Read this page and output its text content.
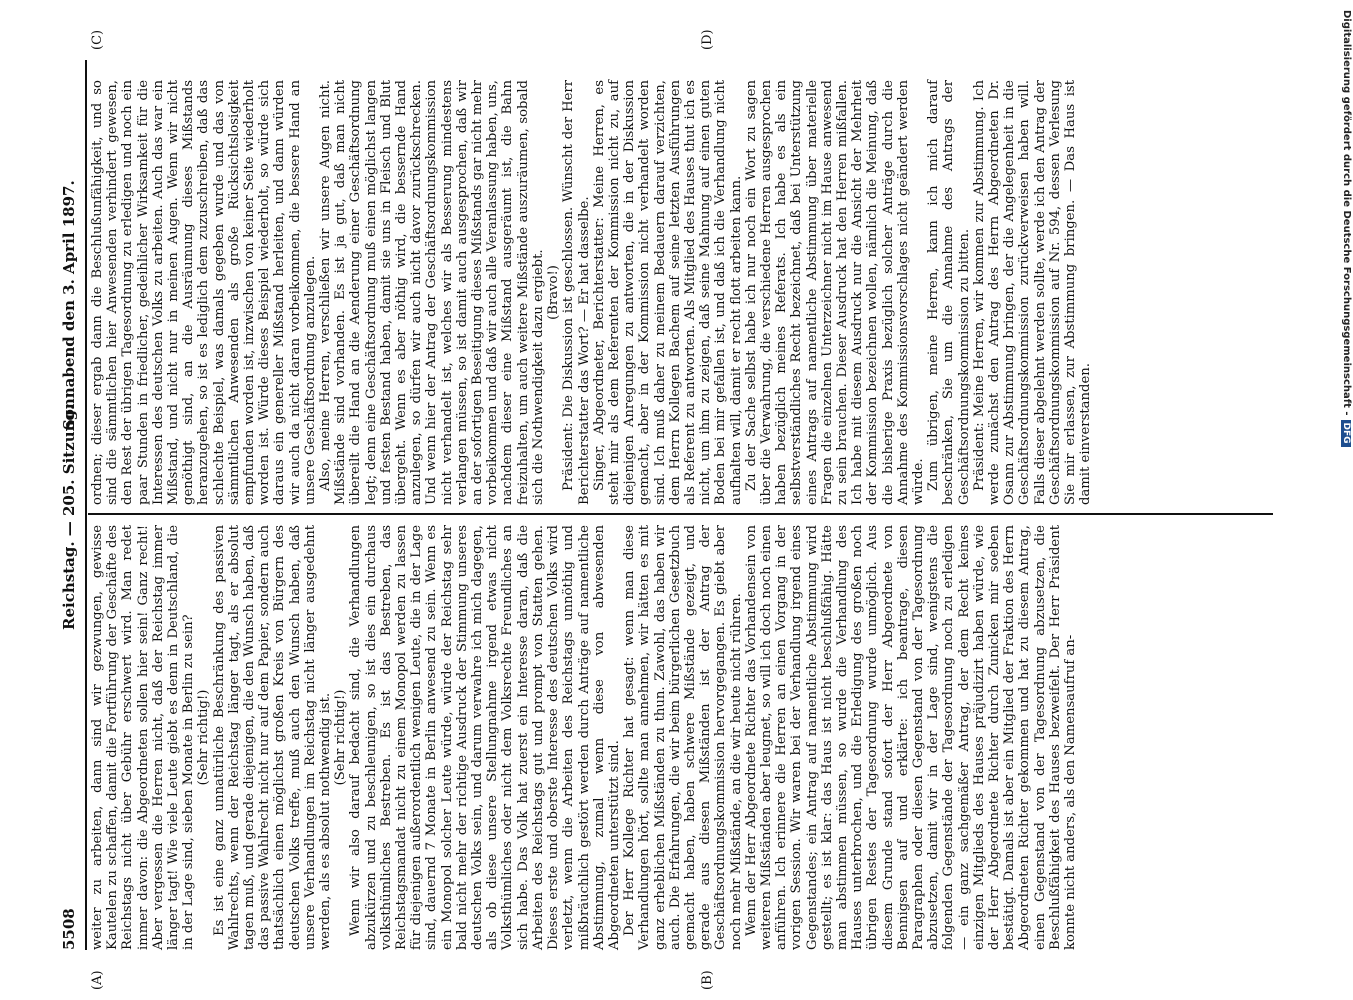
5508
Reichstag. — 205. Sitzung.
Sonnabend den 3. April 1897.

weiter zu arbeiten, dann sind wir gezwungen, gewisse Kautelen zu schaffen, damit die Fortführung der Geschäfte des Reichstags nicht über Gebühr erschwert wird. Man redet immer davon: die Abgeordneten sollen hier sein! Ganz recht! Aber vergessen die Herren nicht, daß der Reichstag immer länger tagt! Wie viele Leute giebt es denn in Deutschland, die in der Lage sind, sieben Monate in Berlin zu sein? (Sehr richtig!) Es ist eine ganz unnatürliche Beschränkung des passiven Wahlrechts, wenn der Reichstag länger tagt, als er absolut tagen muß, und gerade diejenigen, die den Wunsch haben, daß das passive Wahlrecht nicht nur auf dem Papier, sondern auch thatsächlich einen möglichst großen Kreis von Bürgern des deutschen Volks treffe, muß auch den Wunsch haben, daß unsere Verhandlungen im Reichstag nicht länger ausgedehnt werden, als es absolut nothwendig ist. (Sehr richtig!) Wenn wir also darauf bedacht sind, die Verhandlungen abzukürzen und zu beschleunigen, so ist dies ein durchaus volksthümliches Bestreben. Es ist das Bestreben, das Reichstagsmandat nicht zu einem Monopol werden zu lassen für diejenigen außerordentlich wenigen Leute, die in der Lage sind, dauernd 7 Monate in Berlin anwesend zu sein. Wenn es ein Monopol solcher Leute würde, würde der Reichstag sehr bald nicht mehr der richtige Ausdruck der Stimmung unseres deutschen Volks sein, und darum verwahre ich mich dagegen, als ob diese unsere Stellungnahme irgend etwas nicht Volksthümliches oder nicht dem Volksrechte Freundliches an sich habe. Das Volk hat zuerst ein Interesse daran, daß die Arbeiten des Reichstags gut und prompt von Statten gehen. Dieses erste und oberste Interesse des deutschen Volks wird verletzt, wenn die Arbeiten des Reichstags unnöthig und mißbräuchlich gestört werden durch Anträge auf namentliche Abstimmung, zumal wenn diese von abwesenden Abgeordneten unterstützt sind. Der Herr Kollege Richter hat gesagt: wenn man diese Verhandlungen hört, sollte man annehmen, wir hätten es mit ganz erheblichen Mißständen zu thun. Zawohl, das haben wir auch. Die Erfahrungen, die wir beim bürgerlichen Gesetzbuch gemacht haben, haben schwere Mißstände gezeigt, und gerade aus diesen Mißständen ist der Antrag der Geschäftsordnungskommission hervorgegangen. Es giebt aber noch mehr Mißstände, an die wir heute nicht rühren. Wenn der Herr Abgeordnete Richter das Vorhandensein von weiteren Mißständen aber leugnet, so will ich doch noch einen anführen. Ich erinnere die Herren an einen Vorgang in der vorigen Session. Wir waren bei der Verhandlung irgend eines Gegenstandes; ein Antrag auf namentliche Abstimmung wird gestellt; es ist klar: das Haus ist nicht beschlußfähig. Hätte man abstimmen müssen, so wurde die Verhandlung des Hauses unterbrochen, und die Erledigung des großen noch übrigen Restes der Tagesordnung wurde unmöglich. Aus diesem Grunde stand sofort der Herr Abgeordnete von Bennigsen auf und erklärte: ich beantrage, diesen Paragraphen oder diesen Gegenstand von der Tagesordnung abzusetzen, damit wir in der Lage sind, wenigstens die folgenden Gegenstände der Tagesordnung noch zu erledigen — ein ganz sachgemäßer Antrag, der dem Recht keines einzigen Mitglieds des Hauses präjudizirt haben würde, wie der Herr Abgeordnete Richter durch Zunicken mir soeben bestätigt. Damals ist aber ein Mitglied der Fraktion des Herrn Abgeordneten Richter gekommen und hat zu diesem Antrag, einen Gegenstand von der Tagesordnung abzusetzen, die Beschlußfähigkeit des Hauses bezweifelt. Der Herr Präsident konnte nicht anders, als den Namensaufruf an-

ordnen; dieser ergab dann die Beschlußunfähigkeit, und so sind die sämmtlichen hier Anwesenden verhindert gewesen, den Rest der übrigen Tagesordnung zu erledigen und noch ein paar Stunden in friedlicher, gedeihlicher Wirksamkeit für die Interessen des deutschen Volks zu arbeiten. Auch das war ein Mißstand, und nicht nur in meinen Augen. Wenn wir nicht genöthigt sind, an die Ausräumung dieses Mißstands heranzugehen, so ist es lediglich dem zuzuschreiben, daß das schlechte Beispiel, was damals gegeben wurde und das von sämmtlichen Anwesenden als große Rücksichtslosigkeit empfunden worden ist, inzwischen von keiner Seite wiederholt worden ist. Würde dieses Beispiel wiederholt, so würde sich daraus ein genereller Mißstand herleiten, und dann würden wir auch da nicht daran vorbeikommen, die bessere Hand an unsere Geschäftsordnung anzulegen. Also, meine Herren, verschließen wir unsere Augen nicht. Mißstände sind vorhanden. Es ist ja gut, daß man nicht übereilt die Hand an die Aenderung einer Geschäftsordnung legt; denn eine Geschäftsordnung muß einen möglichst langen und festen Bestand haben, damit sie uns in Fleisch und Blut übergeht. Wenn es aber nöthig wird, die bessernde Hand anzulegen, so dürfen wir auch nicht davor zurückschrecken. Und wenn hier der Antrag der Geschäftsordnungskommission nicht verhandelt ist, welches wir als Besserung mindestens verlangen müssen, so ist damit auch ausgesprochen, daß wir an der sofortigen Beseitigung dieses Mißstands gar nicht mehr vorbeikommen und daß wir auch alle Veranlassung haben, uns, nachdem dieser eine Mißstand ausgeräumt ist, die Bahn freizuhalten, um auch weitere Mißstände auszuräumen, sobald sich die Nothwendigkeit dazu ergiebt. (Bravo!) Präsident: Die Diskussion ist geschlossen. Wünscht der Herr Berichterstatter das Wort? — Er hat dasselbe. Singer, Abgeordneter, Berichterstatter: Meine Herren, es steht mir als dem Referenten der Kommission nicht zu, auf diejenigen Anregungen zu antworten, die in der Diskussion gemacht, aber in der Kommission nicht verhandelt worden sind. Ich muß daher zu meinem Bedauern darauf verzichten, dem Herrn Kollegen Bachem auf seine letzten Ausführungen als Referent zu antworten. Als Mitglied des Hauses thut ich es nicht, um ihm zu zeigen, daß seine Mahnung auf einen guten Boden bei mir gefallen ist, und daß ich die Verhandlung nicht aufhalten will, damit er recht flott arbeiten kann. Zu der Sache selbst habe ich nur noch ein Wort zu sagen über die Verwahrung, die verschiedene Herren ausgesprochen haben bezüglich meines Referats. Ich habe es als ein selbstverständliches Recht bezeichnet, daß bei Unterstützung eines Antrags auf namentliche Abstimmung über materielle Fragen die einzelnen Unterzeichner nicht im Hause anwesend zu sein brauchen. Dieser Ausdruck hat den Herren mißfallen. Ich habe mit diesem Ausdruck nur die Ansicht der Mehrheit der Kommission bezeichnen wollen, nämlich die Meinung, daß die bisherige Praxis bezüglich solcher Anträge durch die Annahme des Kommissionsvorschlages nicht geändert werden würde. Zum übrigen, meine Herren, kann ich mich darauf beschränken, Sie um die Annahme des Antrags der Geschäftsordnungskommission zu bitten. Präsident: Meine Herren, wir kommen zur Abstimmung. Ich werde zunächst den Antrag des Herrn Abgeordneten Dr. Osann zur Abstimmung bringen, der die Angelegenheit in die Geschäftsordnungskommission zurückverweisen haben will. Falls dieser abgelehnt werden sollte, werde ich den Antrag der Geschäftsordnungskommission auf Nr. 594, dessen Verlesung Sie mir erlassen, zur Abstimmung bringen. — Das Haus ist damit einverstanden.

(A)	(B)
(C)	(D)	Digitalisierung gefördert durch die Deutsche Forschungsgemeinschaft -DFG
